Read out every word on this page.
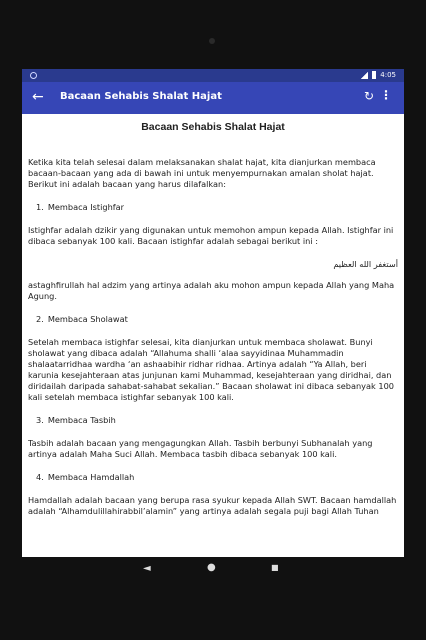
4:05
← Bacaan Sehabis Shalat Hajat	↻ ⋮
Bacaan Sehabis Shalat Hajat

Ketika kita telah selesai dalam melaksanakan shalat hajat, kita dianjurkan membaca bacaan-bacaan yang ada di bawah ini untuk menyempurnakan amalan sholat hajat. Berikut ini adalah bacaan yang harus dilafalkan:

1. Membaca Istighfar

Istighfar adalah dzikir yang digunakan untuk memohon ampun kepada Allah. Istighfar ini dibaca sebanyak 100 kali. Bacaan istighfar adalah sebagai berikut ini :

أستغفر الله العظيم

astaghfirullah hal adzim yang artinya adalah aku mohon ampun kepada Allah yang Maha Agung.

2. Membaca Sholawat

Setelah membaca istighfar selesai, kita dianjurkan untuk membaca sholawat. Bunyi sholawat yang dibaca adalah “Allahuma shalli ‘alaa sayyidinaa Muhammadin shalaatarridhaa wardha ‘an ashaabihir ridhar ridhaa. Artinya adalah “Ya Allah, beri karunia kesejahteraan atas junjunan kami Muhammad, kesejahteraan yang diridhai, dan diridailah daripada sahabat-sahabat sekalian.” Bacaan sholawat ini dibaca sebanyak 100 kali setelah membaca istighfar sebanyak 100 kali.

3. Membaca Tasbih

Tasbih adalah bacaan yang mengagungkan Allah. Tasbih berbunyi Subhanalah yang artinya adalah Maha Suci Allah. Membaca tasbih dibaca sebanyak 100 kali.

4. Membaca Hamdallah

Hamdallah adalah bacaan yang berupa rasa syukur kepada Allah SWT. Bacaan hamdallah adalah “Alhamdulillahirabbil’alamin” yang artinya adalah segala puji bagi Allah Tuhan

◄	●	■
